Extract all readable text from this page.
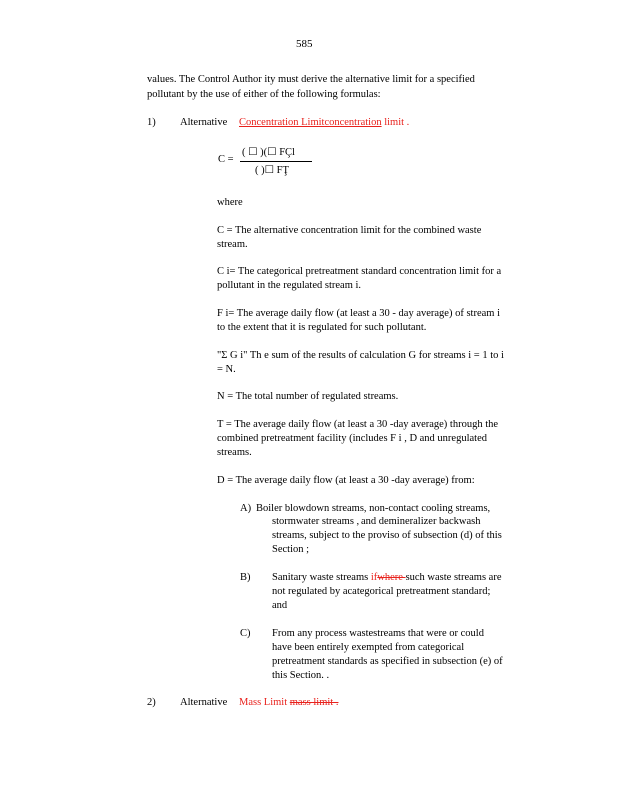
585
values. The Control Author ity must derive the alternative limit for a specified
pollutant by the use of either of the following formulas:
1) Alternative Concentration Limitconcentration limit .
C =
( ☐ )(☐ FÇl
( )☐ FŢ
where
C = The alternative concentration limit for the combined waste
stream.
C i= The categorical pretreatment standard concentration limit for a
pollutant in the regulated stream i.
F i= The average daily flow (at least a 30 - day average) of stream i
to the extent that it is regulated for such pollutant.
"Σ G i" Th e sum of the results of calculation G for streams i = 1 to i
= N.
N = The total number of regulated streams.
T = The average daily flow (at least a 30 -day average) through the
combined pretreatment facility (includes F i , D and unregulated
streams.
D = The average daily flow (at least a 30 -day average) from:
A) Boiler blowdown streams, non-contact cooling streams,
stormwater streams , and demineralizer backwash
streams, subject to the proviso of subsection (d) of this
Section ;
B) Sanitary waste streams ifwhere such waste streams are
not regulated by acategorical pretreatment standard;
and
C) From any process wastestreams that were or could
have been entirely exempted from categorical
pretreatment standards as specified in subsection (e) of
this Section. .
2) Alternative Mass Limit mass limit .
